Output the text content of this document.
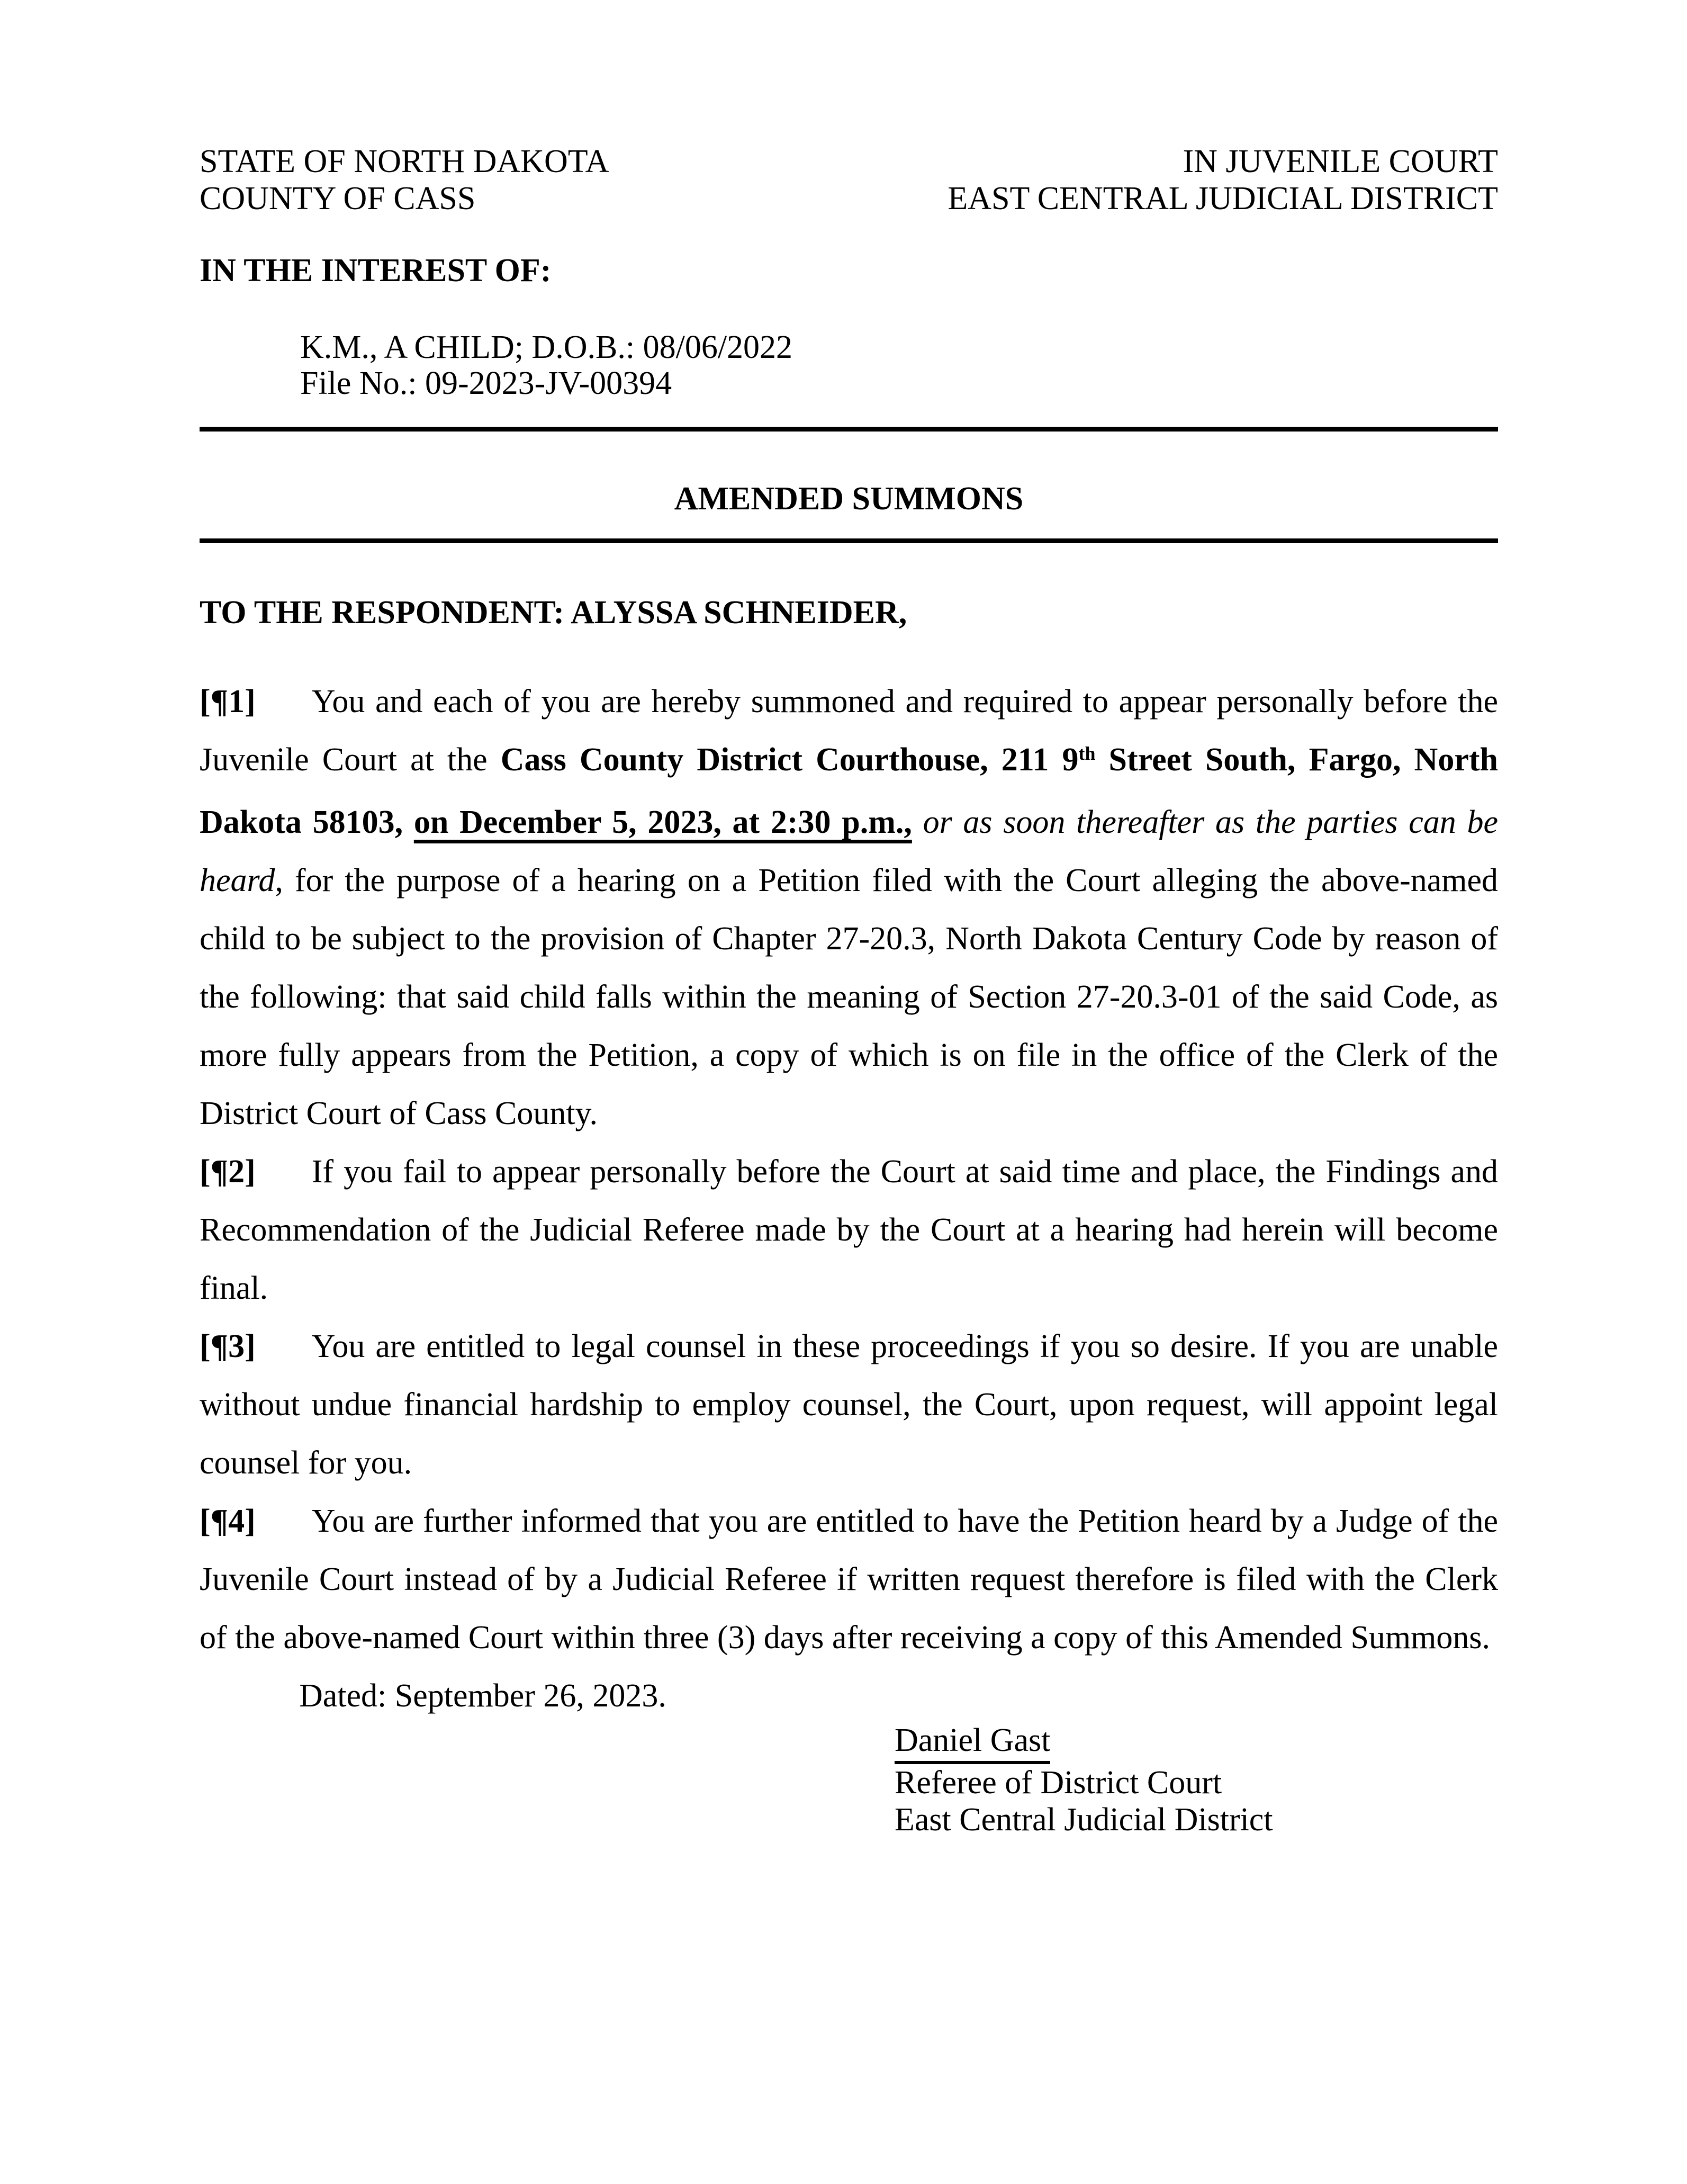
STATE OF NORTH DAKOTA
COUNTY OF CASS
IN JUVENILE COURT
EAST CENTRAL JUDICIAL DISTRICT
IN THE INTEREST OF:
K.M., A CHILD; D.O.B.: 08/06/2022
File No.: 09-2023-JV-00394
AMENDED SUMMONS
TO THE RESPONDENT: ALYSSA SCHNEIDER,

[¶1] You and each of you are hereby summoned and required to appear personally before the Juvenile Court at the Cass County District Courthouse, 211 9th Street South, Fargo, North Dakota 58103, on December 5, 2023, at 2:30 p.m., or as soon thereafter as the parties can be heard, for the purpose of a hearing on a Petition filed with the Court alleging the above-named child to be subject to the provision of Chapter 27-20.3, North Dakota Century Code by reason of the following: that said child falls within the meaning of Section 27-20.3-01 of the said Code, as more fully appears from the Petition, a copy of which is on file in the office of the Clerk of the District Court of Cass County.

[¶2] If you fail to appear personally before the Court at said time and place, the Findings and Recommendation of the Judicial Referee made by the Court at a hearing had herein will become final.

[¶3] You are entitled to legal counsel in these proceedings if you so desire. If you are unable without undue financial hardship to employ counsel, the Court, upon request, will appoint legal counsel for you.

[¶4] You are further informed that you are entitled to have the Petition heard by a Judge of the Juvenile Court instead of by a Judicial Referee if written request therefore is filed with the Clerk of the above-named Court within three (3) days after receiving a copy of this Amended Summons.

Dated: September 26, 2023.

Daniel Gast
Referee of District Court
East Central Judicial District
